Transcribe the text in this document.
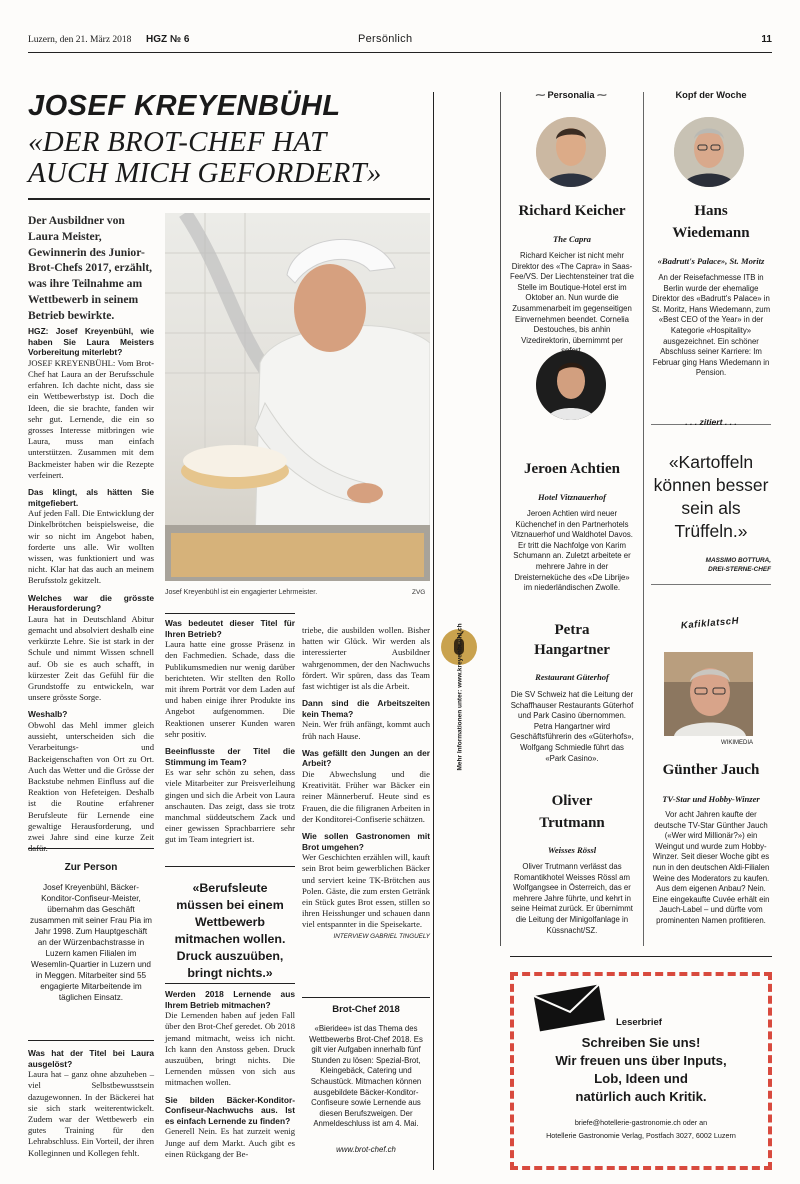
Luzern, den 21. März 2018 HGZ № 6	Persönlich	11
JOSEF KREYENBÜHL
«DER BROT-CHEF HAT
AUCH MICH GEFORDERT»
Der Ausbildner von Laura Meister, Gewinnerin des Junior-Brot-Chefs 2017, erzählt, was ihre Teilnahme am Wettbewerb in seinem Betrieb bewirkte.
HGZ: Josef Kreyenbühl, wie haben Sie Laura Meisters Vorbereitung miterlebt?

JOSEF KREYENBÜHL: Vom Brot-Chef hat Laura an der Berufsschule erfahren. Ich dachte nicht, dass sie ein Wettbewerbstyp ist. Doch die Ideen, die sie brachte, fanden wir sehr gut. Lernende, die ein so grosses Interesse mitbringen wie Laura, muss man einfach unterstützen. Zusammen mit dem Backmeister haben wir die Rezepte verfeinert.

Das klingt, als hätten Sie mitgefiebert.

Auf jeden Fall. Die Entwicklung der Dinkelbrötchen beispielsweise, die wir so nicht im Angebot haben, forderte uns alle. Wir wollten wissen, was funktioniert und was nicht. Klar hat das auch an meinem Berufsstolz gekitzelt.

Welches war die grösste Herausforderung?

Laura hat in Deutschland Abitur gemacht und absolviert deshalb eine verkürzte Lehre. Sie ist stark in der Schule und nimmt Wissen schnell auf. Ob sie es auch schafft, in kürzester Zeit das Gefühl für die Grundstoffe zu entwickeln, war unsere grösste Sorge.

Weshalb?

Obwohl das Mehl immer gleich aussieht, unterscheiden sich die Verarbeitungs- und Backeigenschaften von Ort zu Ort. Auch das Wetter und die Grösse der Backstube nehmen Einfluss auf die Reaktion von Hefeteigen. Deshalb ist die Routine erfahrener Berufsleute für Lernende eine gewaltige Herausforderung, und zwei Jahre sind eine kurze Zeit

Zur Person
Josef Kreyenbühl, Bäcker-Konditor-Confiseur-Meister, übernahm das Geschäft zusammen mit seiner Frau Pia im Jahr 1998. Zum Hauptgeschäft an der Würzenbachstrasse in Luzern kamen Filialen im Wesemlin-Quartier in Luzern und in Meggen. Mitarbeiter sind 55 engagierte Mitarbeitende im täglichen Einsatz.
Was hat der Titel bei Laura ausgelöst?

Laura hat – ganz ohne abzuheben – viel Selbstbewusstsein dazugewonnen. In der Bäckerei hat sie sich stark weiterentwickelt. Zudem war der Wettbewerb ein gutes Training für den Lehrabschluss. Ein Vorteil, der ihren Kolleginnen und Kollegen fehlt.

Josef Kreyenbühl ist ein engagierter Lehrmeister.	ZVG
Was bedeutet dieser Titel für Ihren Betrieb?

Laura hatte eine grosse Präsenz in den Fachmedien. Schade, dass die Publikumsmedien nur wenig darüber berichteten. Wir stellten den Rollo mit ihrem Porträt vor dem Laden auf und haben einige ihrer Produkte ins Angebot aufgenommen. Die Reaktionen unserer Kunden waren sehr positiv.

Beeinflusste der Titel die Stimmung im Team?

Es war sehr schön zu sehen, dass viele Mitarbeiter zur Preisverleihung gingen und sich die Arbeit von Laura anschauten. Das zeigt, dass sie trotz manchmal süddeutschem Zack und einer gewissen Sprachbarriere sehr gut im Team integriert ist.

«Berufsleute müssen bei einem Wettbewerb mitmachen wollen. Druck auszuüben, bringt nichts.»
Werden 2018 Lernende aus Ihrem Betrieb mitmachen?

Die Lernenden haben auf jeden Fall über den Brot-Chef geredet. Ob 2018 jemand mitmacht, weiss ich nicht. Ich kann den Anstoss geben. Druck auszuüben, bringt nichts. Die Lernenden müssen von sich aus mitmachen wollen.

Sie bilden Bäcker-Konditor-Confiseur-Nachwuchs aus. Ist es einfach Lernende zu finden?

Generell Nein. Es hat zurzeit wenig Junge auf dem Markt. Auch gibt es einen Rückgang der Be-

triebe, die ausbilden wollen. Bisher hatten wir Glück. Wir werden als interessierter Ausbildner wahrgenommen, der den Nachwuchs fördert. Wir spüren, dass das Team fast wichtiger ist als die Arbeit.

Dann sind die Arbeitszeiten kein Thema?

Nein. Wer früh anfängt, kommt auch früh nach Hause.

Was gefällt den Jungen an der Arbeit?

Die Abwechslung und die Kreativität. Früher war Bäcker ein reiner Männerberuf. Heute sind es Frauen, die die filigranen Arbeiten in der Konditorei-Confiserie schätzen.

Wie sollen Gastronomen mit Brot umgehen?

Wer Geschichten erzählen will, kauft sein Brot beim gewerblichen Bäcker und serviert keine TK-Brötchen aus Polen. Gäste, die zum ersten Getränk ein Stück gutes Brot essen, stillen so ihren Heisshunger und schauen dann viel entspannter in die Speisekarte.

INTERVIEW GABRIEL TINGUELY
Brot-Chef 2018
«Bieridee» ist das Thema des Wettbewerbs Brot-Chef 2018. Es gilt vier Aufgaben innerhalb fünf Stunden zu lösen: Spezial-Brot, Kleingebäck, Catering und Schaustück. Mitmachen können ausgebildete Bäcker-Konditor-Confiseure sowie Lernende aus diesen Berufszweigen. Der Anmeldeschluss ist am 4. Mai.
www.brot-chef.ch
Mehr Informationen unter: www.kreyenbuehl.ch
⁓ Personalia ⁓
Richard Keicher
The Capra
Richard Keicher ist nicht mehr Direktor des «The Capra» in Saas-Fee/VS. Der Liechtensteiner trat die Stelle im Boutique-Hotel erst im Oktober an. Nun wurde die Zusammenarbeit im gegenseitigen Einvernehmen beendet. Cornelia Destouches, bis anhin Vizedirektorin, übernimmt per
Jeroen Achtien
Hotel Vitznauerhof
Jeroen Achtien wird neuer Küchenchef in den Partnerhotels Vitznauerhof und Waldhotel Davos. Er tritt die Nachfolge von Karim Schumann an. Zuletzt arbeitete er mehrere Jahre in der Dreisterneküche des «De Librije» im niederländischen Zwolle.
Petra
Hangartner
Restaurant Güterhof
Die SV Schweiz hat die Leitung der Schaffhauser Restaurants Güterhof und Park Casino übernommen. Petra Hangartner wird Geschäftsführerin des «Güterhofs», Wolfgang Schmiedle führt das «Park Casino».
Oliver
Trutmann
Weisses Rössl
Oliver Trutmann verlässt das Romantikhotel Weisses Rössl am Wolfgangsee in Österreich, das er mehrere Jahre führte, und kehrt in seine Heimat zurück. Er übernimmt die Leitung der Minigolfanlage in Küssnacht/SZ.
Kopf der Woche
Hans
Wiedemann
«Badrutt's Palace», St. Moritz
An der Reisefachmesse ITB in Berlin wurde der ehemalige Direktor des «Badrutt's Palace» in St. Moritz, Hans Wiedemann, zum «Best CEO of the Year» in der Kategorie «Hospitality» ausgezeichnet. Ein schöner Abschluss seiner Karriere: Im Februar ging Hans Wiedemann in Pension.
. . . zitiert . . .
«Kartoffeln können besser sein als Trüffeln.»
MASSIMO BOTTURA,
DREI-STERNE-CHEF
KafiklatscH
WIKIMEDIA
Günther Jauch
TV-Star und Hobby-Winzer
Vor acht Jahren kaufte der deutsche TV-Star Günther Jauch («Wer wird Millionär?») ein Weingut und wurde zum Hobby-Winzer. Seit dieser Woche gibt es nun in den deutschen Aldi-Filialen Weine des Moderators zu kaufen. Aus dem eigenen Anbau? Nein. Eine eingekaufte Cuvée erhält ein Jauch-Label – und dürfte vom prominenten Namen profitieren.
Leserbrief
Schreiben Sie uns!
Wir freuen uns über Inputs,
Lob, Ideen und
natürlich auch Kritik.
briefe@hotellerie-gastronomie.ch oder an
Hotellerie Gastronomie Verlag, Postfach 3027, 6002 Luzern
